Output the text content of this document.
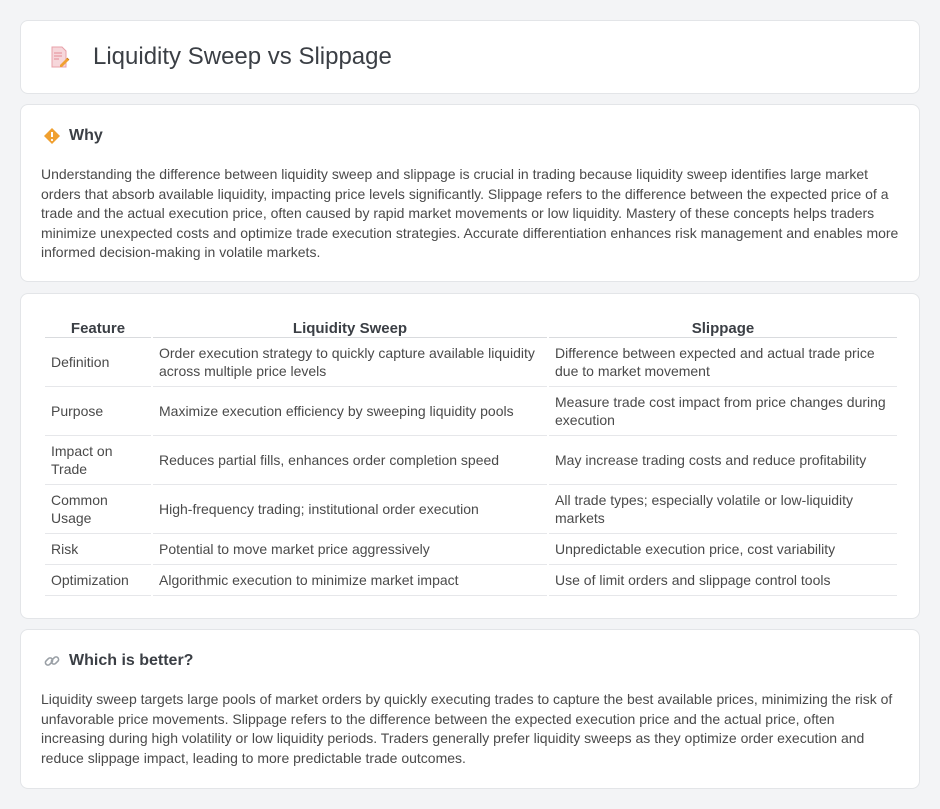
Liquidity Sweep vs Slippage
Why

Understanding the difference between liquidity sweep and slippage is crucial in trading because liquidity sweep identifies large market orders that absorb available liquidity, impacting price levels significantly. Slippage refers to the difference between the expected price of a trade and the actual execution price, often caused by rapid market movements or low liquidity. Mastery of these concepts helps traders minimize unexpected costs and optimize trade execution strategies. Accurate differentiation enhances risk management and enables more informed decision-making in volatile markets.

Feature	Liquidity Sweep	Slippage
Definition	Order execution strategy to quickly capture available liquidity across multiple price levels	Difference between expected and actual trade price due to market movement
Purpose	Maximize execution efficiency by sweeping liquidity pools	Measure trade cost impact from price changes during execution
Impact on Trade	Reduces partial fills, enhances order completion speed	May increase trading costs and reduce profitability
Common Usage	High-frequency trading; institutional order execution	All trade types; especially volatile or low-liquidity markets
Risk	Potential to move market price aggressively	Unpredictable execution price, cost variability
Optimization	Algorithmic execution to minimize market impact	Use of limit orders and slippage control tools
Which is better?

Liquidity sweep targets large pools of market orders by quickly executing trades to capture the best available prices, minimizing the risk of unfavorable price movements. Slippage refers to the difference between the expected execution price and the actual price, often increasing during high volatility or low liquidity periods. Traders generally prefer liquidity sweeps as they optimize order execution and reduce slippage impact, leading to more predictable trade outcomes.
